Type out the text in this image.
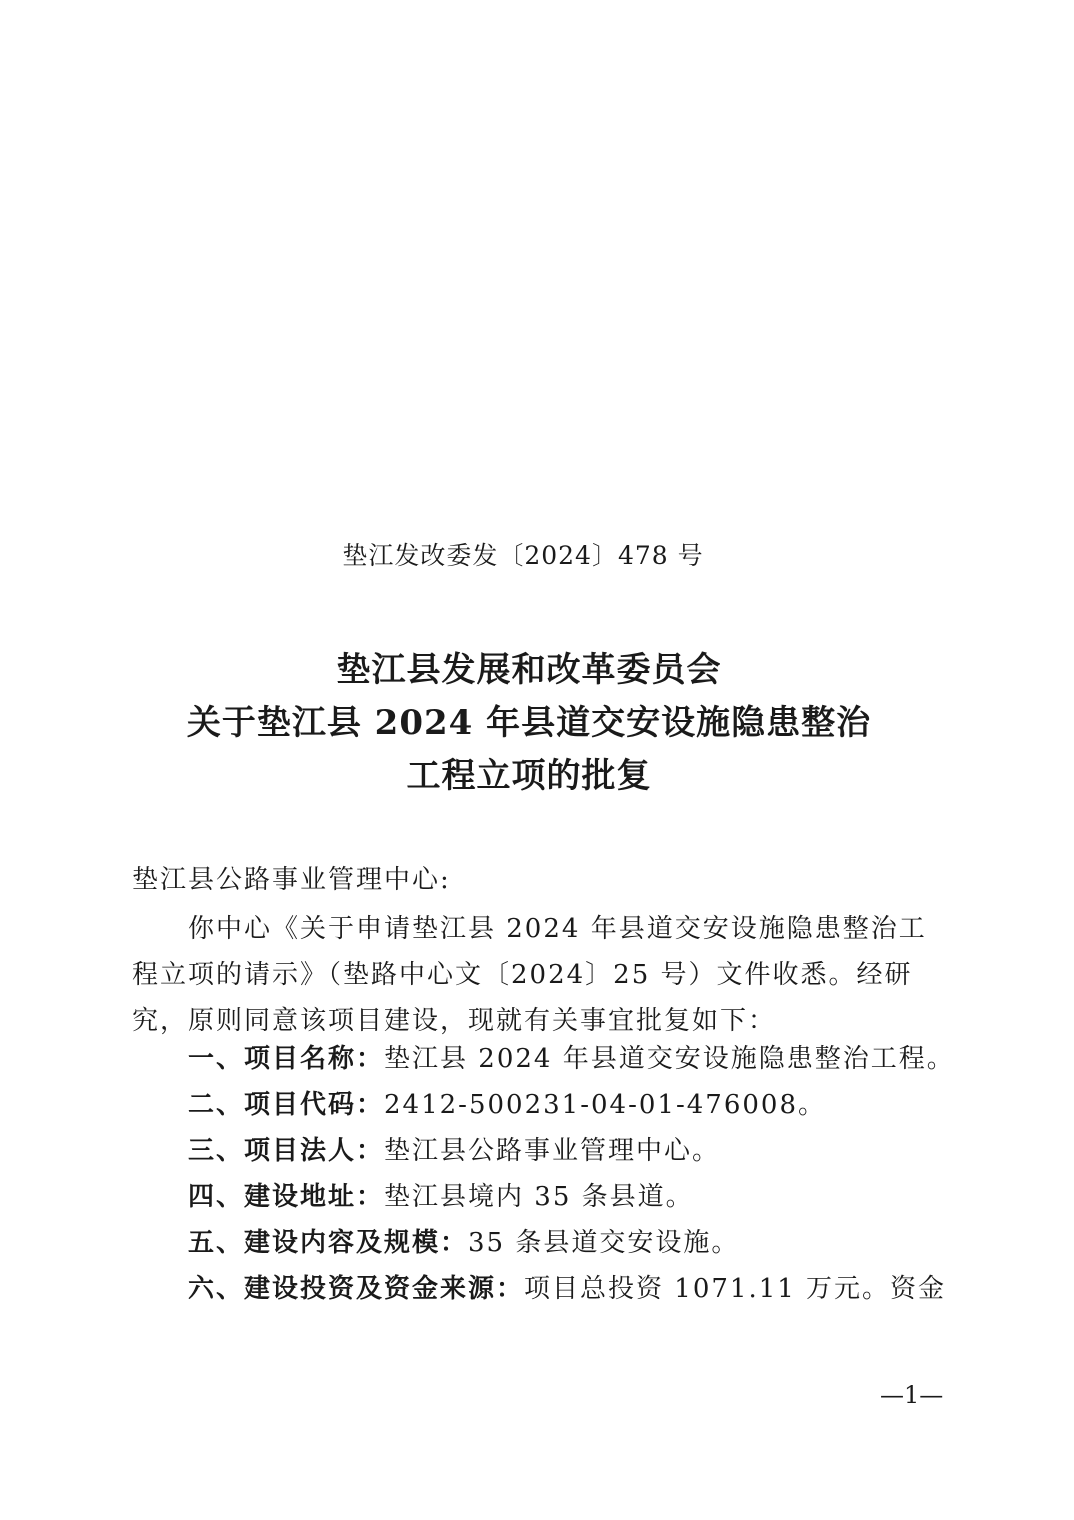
垫江发改委发〔2024〕478 号
垫江县发展和改革委员会
关于垫江县 2024 年县道交安设施隐患整治
工程立项的批复
垫江县公路事业管理中心:
你中心《关于申请垫江县 2024 年县道交安设施隐患整治工程立项的请示》（垫路中心文〔2024〕25 号）文件收悉。经研究，原则同意该项目建设，现就有关事宜批复如下：
一、项目名称：垫江县 2024 年县道交安设施隐患整治工程。
二、项目代码：2412-500231-04-01-476008。
三、项目法人：垫江县公路事业管理中心。
四、建设地址：垫江县境内 35 条县道。
五、建设内容及规模：35 条县道交安设施。
六、建设投资及资金来源：项目总投资 1071.11 万元。资金
—1—
